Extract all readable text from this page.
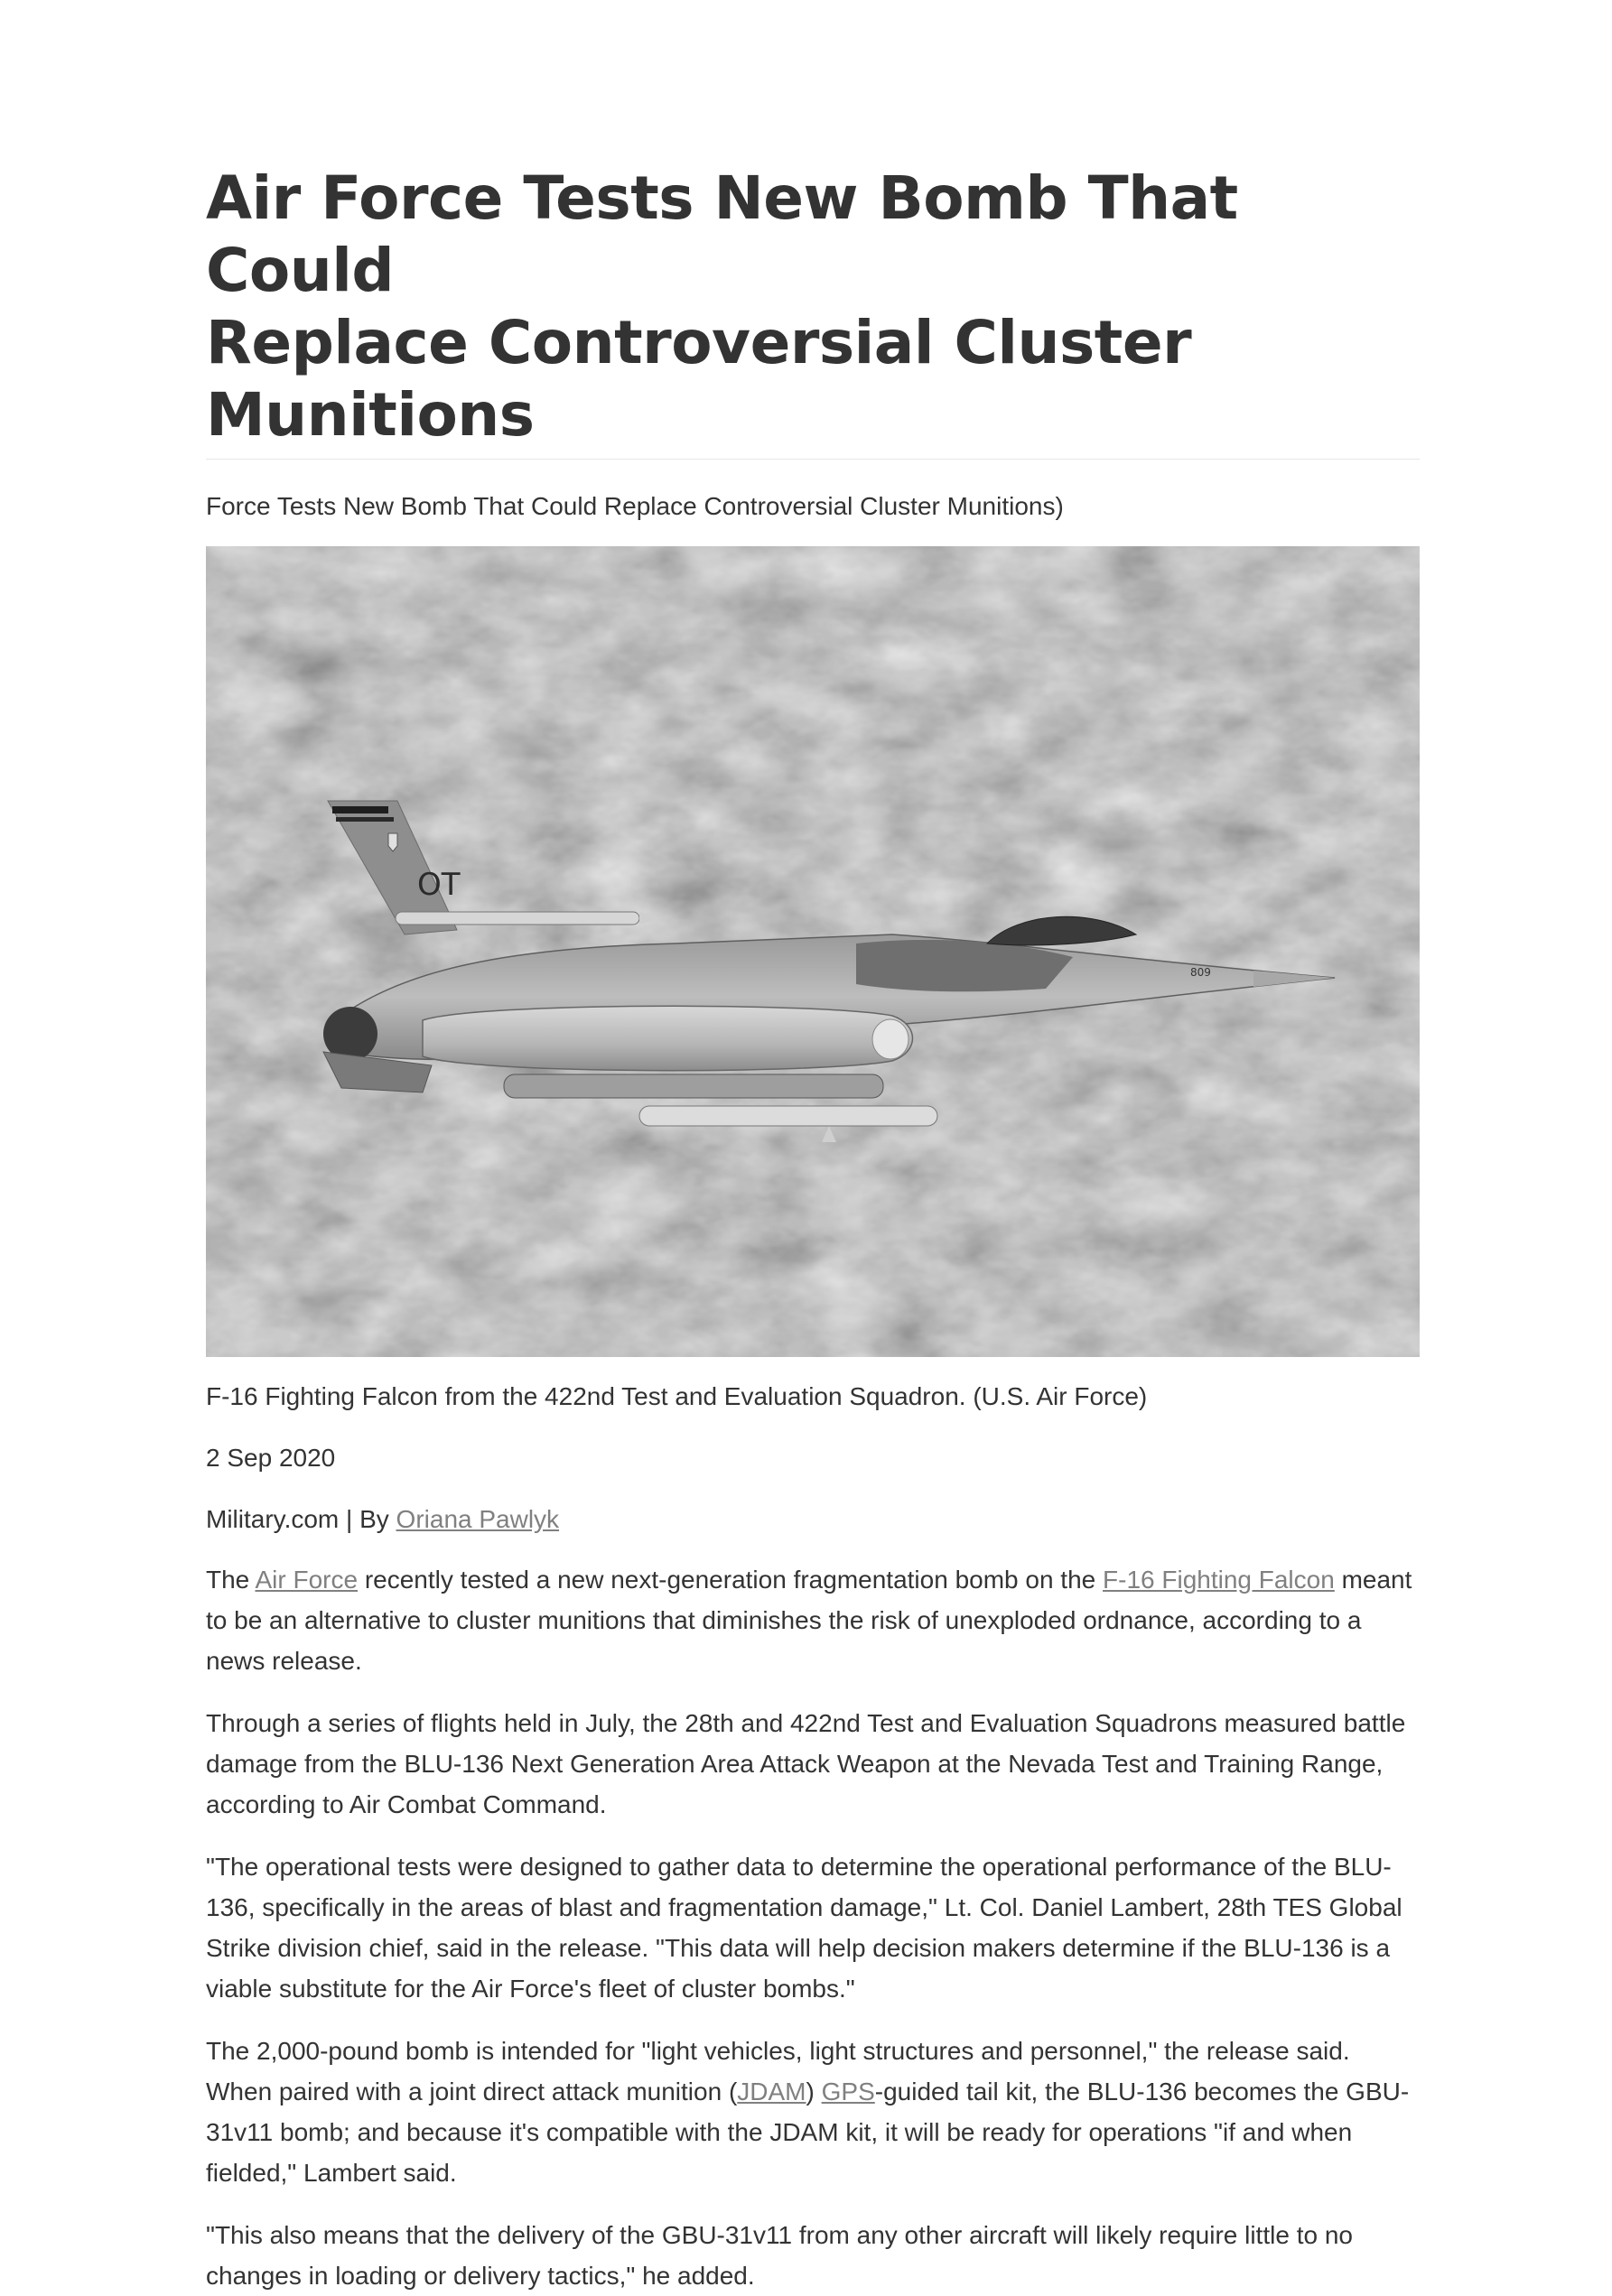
Air Force Tests New Bomb That Could
Replace Controversial Cluster Munitions

Force Tests New Bomb That Could Replace Controversial Cluster Munitions)

OT
809

F-16 Fighting Falcon from the 422nd Test and Evaluation Squadron. (U.S. Air Force)

2 Sep 2020

Military.com | By Oriana Pawlyk

The Air Force recently tested a new next-generation fragmentation bomb on the F-16 Fighting Falcon meant to be an alternative to cluster munitions that diminishes the risk of unexploded ordnance, according to a news release.

Through a series of flights held in July, the 28th and 422nd Test and Evaluation Squadrons measured battle damage from the BLU-136 Next Generation Area Attack Weapon at the Nevada Test and Training Range, according to Air Combat Command.

"The operational tests were designed to gather data to determine the operational performance of the BLU-136, specifically in the areas of blast and fragmentation damage," Lt. Col. Daniel Lambert, 28th TES Global Strike division chief, said in the release. "This data will help decision makers determine if the BLU-136 is a viable substitute for the Air Force's fleet of cluster bombs."

The 2,000-pound bomb is intended for "light vehicles, light structures and personnel," the release said. When paired with a joint direct attack munition (JDAM) GPS-guided tail kit, the BLU-136 becomes the GBU-31v11 bomb; and because it's compatible with the JDAM kit, it will be ready for operations "if and when fielded," Lambert said.

"This also means that the delivery of the GBU-31v11 from any other aircraft will likely require little to no changes in loading or delivery tactics," he added.
